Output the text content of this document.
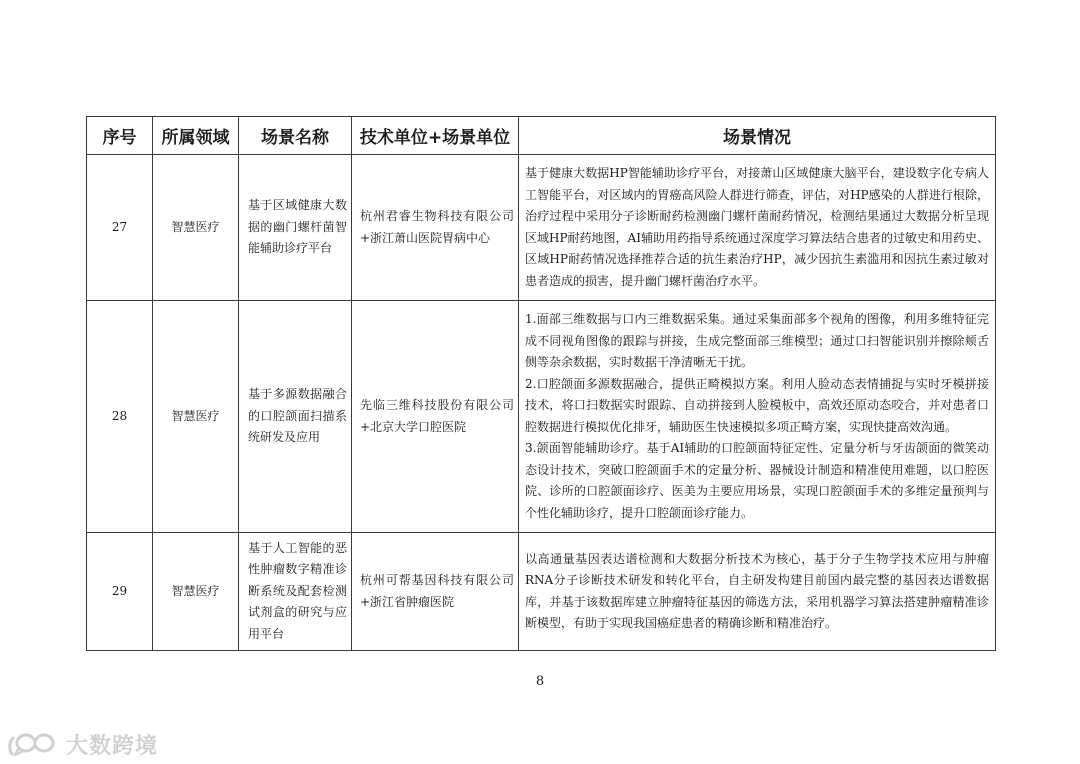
序号	所属领域	场景名称	技术单位+场景单位	场景情况
27	智慧医疗	基于区域健康大数据的幽门螺杆菌智能辅助诊疗平台	杭州君睿生物科技有限公司+浙江萧山医院胃病中心	基于健康大数据HP智能辅助诊疗平台，对接萧山区域健康大脑平台，建设数字化专病人工智能平台，对区域内的胃癌高风险人群进行筛查，评估，对HP感染的人群进行根除，治疗过程中采用分子诊断耐药检测幽门螺杆菌耐药情况，检测结果通过大数据分析呈现区域HP耐药地图，AI辅助用药指导系统通过深度学习算法结合患者的过敏史和用药史、区域HP耐药情况选择推荐合适的抗生素治疗HP，减少因抗生素滥用和因抗生素过敏对患者造成的损害，提升幽门螺杆菌治疗水平。

28	智慧医疗	基于多源数据融合的口腔颌面扫描系统研发及应用	先临三维科技股份有限公司+北京大学口腔医院	1.面部三维数据与口内三维数据采集。通过采集面部多个视角的图像，利用多维特征完成不同视角图像的跟踪与拼接，生成完整面部三维模型；通过口扫智能识别并擦除颊舌侧等杂余数据，实时数据干净清晰无干扰。
2.口腔颌面多源数据融合，提供正畸模拟方案。利用人脸动态表情捕捉与实时牙模拼接技术，将口扫数据实时跟踪、自动拼接到人脸模板中，高效还原动态咬合，并对患者口腔数据进行模拟优化排牙，辅助医生快速模拟多项正畸方案，实现快捷高效沟通。
3.颌面智能辅助诊疗。基于AI辅助的口腔颌面特征定性、定量分析与牙齿颌面的微笑动态设计技术，突破口腔颌面手术的定量分析、器械设计制造和精准使用难题，以口腔医院、诊所的口腔颌面诊疗、医美为主要应用场景，实现口腔颌面手术的多维定量预判与个性化辅助诊疗，提升口腔颌面诊疗能力。

29	智慧医疗	基于人工智能的恶性肿瘤数字精准诊断系统及配套检测试剂盒的研究与应用平台	杭州可帮基因科技有限公司+浙江省肿瘤医院	以高通量基因表达谱检测和大数据分析技术为核心，基于分子生物学技术应用与肿瘤RNA分子诊断技术研发和转化平台，自主研发构建目前国内最完整的基因表达谱数据库，并基于该数据库建立肿瘤特征基因的筛选方法，采用机器学习算法搭建肿瘤精准诊断模型，有助于实现我国癌症患者的精确诊断和精准治疗。
8
大数跨境
